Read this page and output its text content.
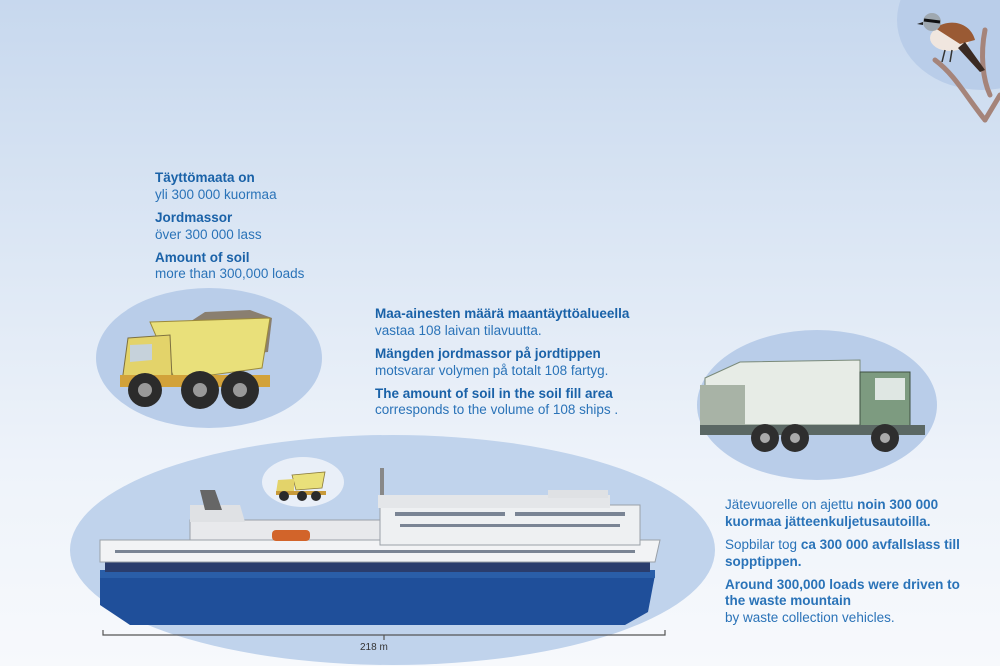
218 m
Täyttömaata on
yli 300 000 kuormaa
Jordmassor
över 300 000 lass
Amount of soil
more than 300,000 loads
Maa-ainesten määrä maantäyttöalueella
vastaa 108 laivan tilavuutta.
Mängden jordmassor på jordtippen
motsvarar volymen på totalt 108 fartyg.
The amount of soil in the soil fill area
corresponds to the volume of 108 ships .
Jätevuorelle on ajettu noin 300 000 kuormaa jätteenkuljetusautoilla.
Sopbilar tog ca 300 000 avfallslass till sopptippen.
Around 300,000 loads were driven to the waste mountain
by waste collection vehicles.
